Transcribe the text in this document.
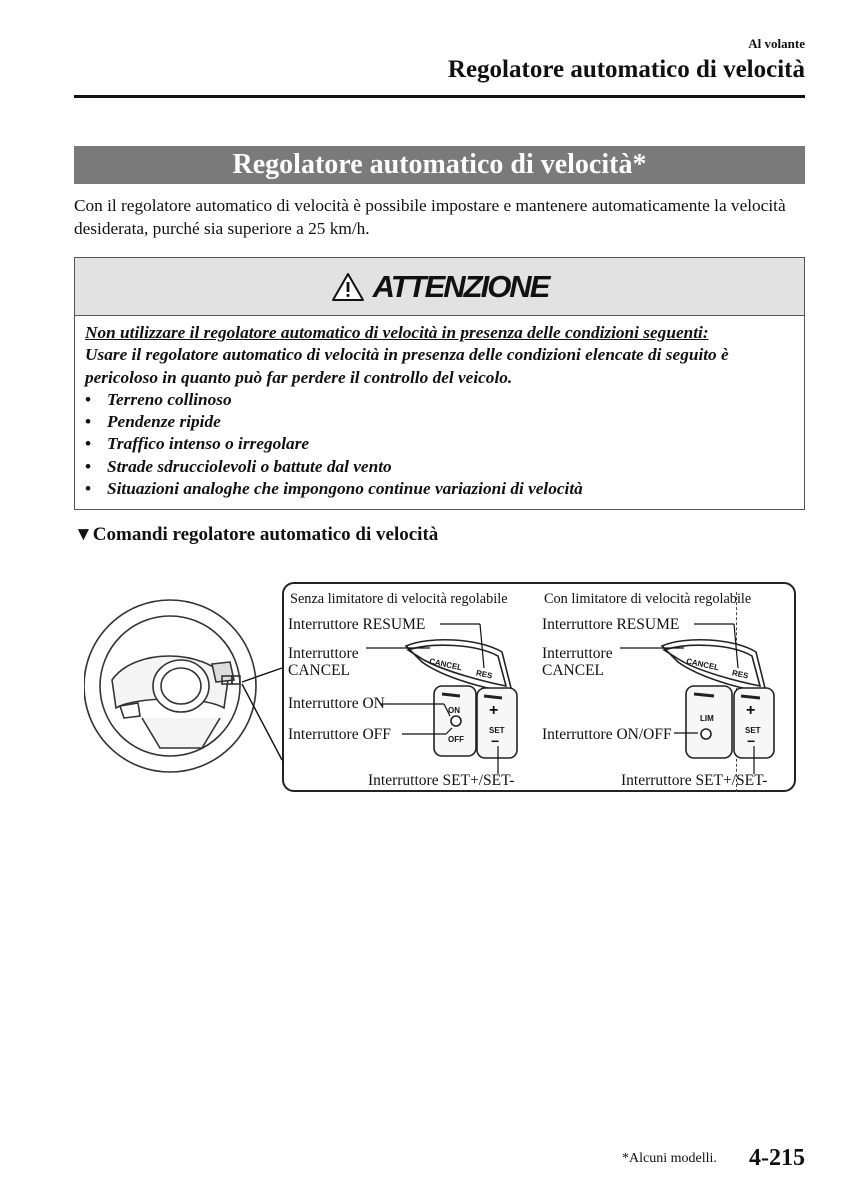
Al volante
Regolatore automatico di velocità
Regolatore automatico di velocità*
Con il regolatore automatico di velocità è possibile impostare e mantenere automaticamente la velocità desiderata, purché sia superiore a 25 km/h.
ATTENZIONE
Non utilizzare il regolatore automatico di velocità in presenza delle condizioni seguenti:
Usare il regolatore automatico di velocità in presenza delle condizioni elencate di seguito è pericoloso in quanto può far perdere il controllo del veicolo.
• Terreno collinoso
• Pendenze ripide
• Traffico intenso o irregolare
• Strade sdrucciolevoli o battute dal vento
• Situazioni analoghe che impongono continue variazioni di velocità
▼Comandi regolatore automatico di velocità
CANCEL
RES
ON
OFF
+
SET
−
CANCEL
RES
LIM +
SET
−
Senza limitatore di velocità regolabile
Interruttore RESUME
Interruttore
CANCEL
Interruttore ON
Interruttore OFF
Interruttore SET+/SET-
Con limitatore di velocità regolabile
Interruttore RESUME
Interruttore
CANCEL
Interruttore ON/OFF
Interruttore SET+/SET-
*Alcuni modelli. 4-215
